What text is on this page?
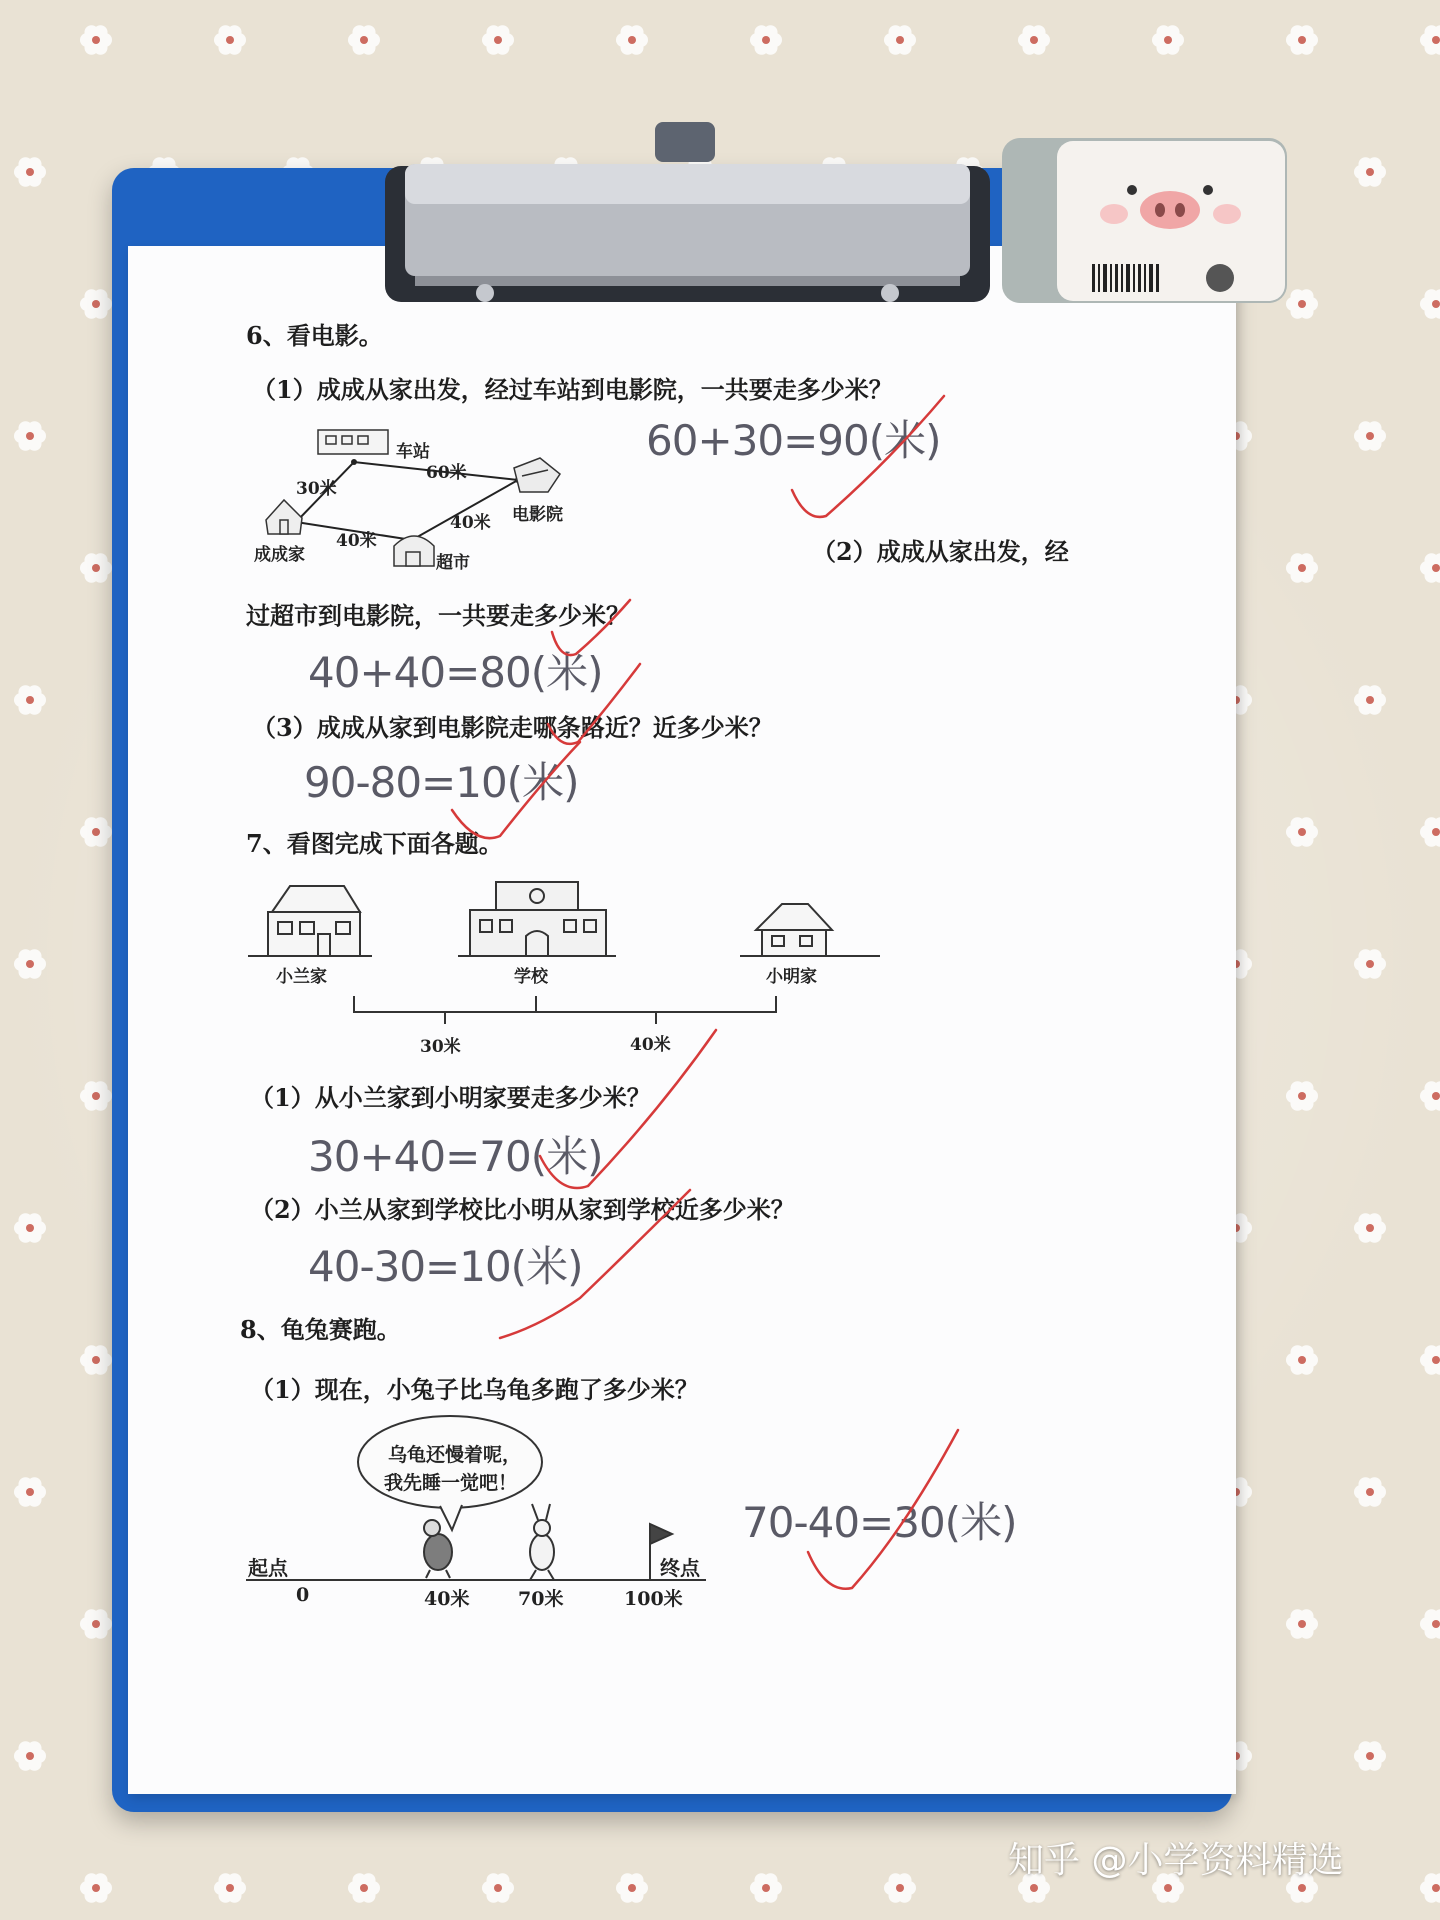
6、看电影。
（1）成成从家出发，经过车站到电影院，一共要走多少米？
60+30=90(米)
车站
电影院
成成家	超市
30米
60米
40米
40米
（2）成成从家出发，经
过超市到电影院，一共要走多少米？
40+40=80(米)
（3）成成从家到电影院走哪条路近？近多少米？
90-80=10(米)
7、看图完成下面各题。
小兰家	学校	小明家
30米	40米
（1）从小兰家到小明家要走多少米？
30+40=70(米)
（2）小兰从家到学校比小明从家到学校近多少米？
40-30=10(米)
8、龟兔赛跑。
（1）现在，小兔子比乌龟多跑了多少米？
乌龟还慢着呢，
我先睡一觉吧！
起点	终点
0	40米	70米	100米
70-40=30(米)
知乎 @小学资料精选
